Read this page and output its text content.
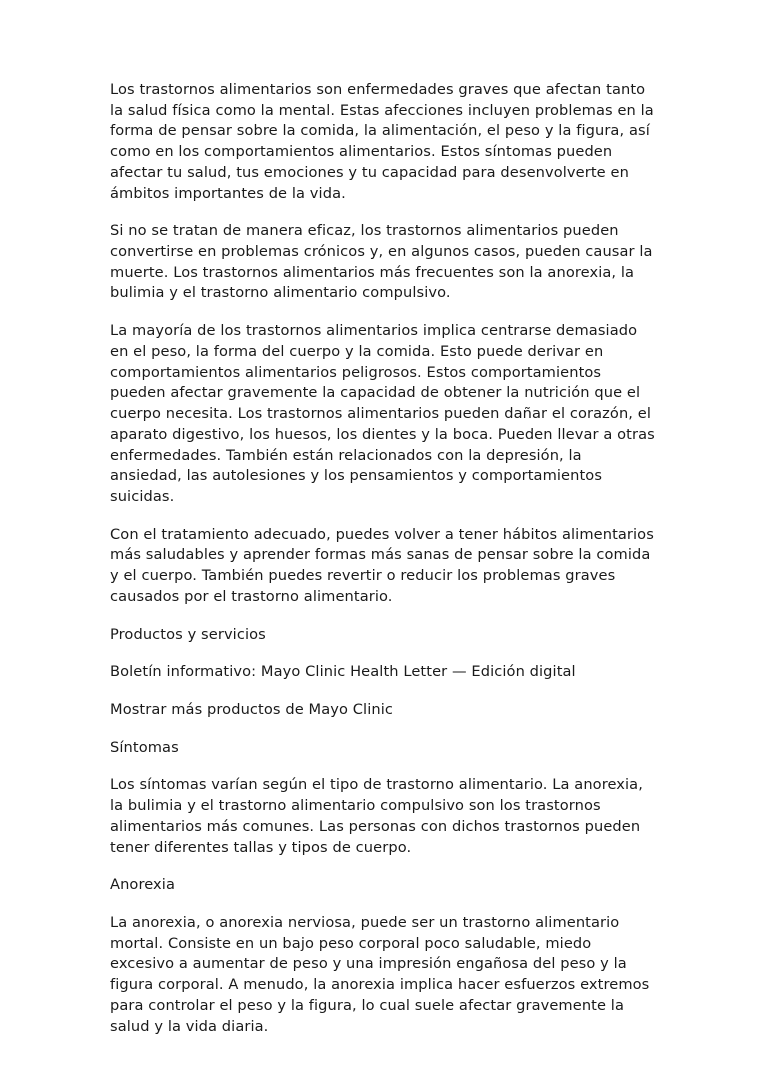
Los trastornos alimentarios son enfermedades graves que afectan tanto la salud física como la mental. Estas afecciones incluyen problemas en la forma de pensar sobre la comida, la alimentación, el peso y la figura, así como en los comportamientos alimentarios. Estos síntomas pueden afectar tu salud, tus emociones y tu capacidad para desenvolverte en ámbitos importantes de la vida.

Si no se tratan de manera eficaz, los trastornos alimentarios pueden convertirse en problemas crónicos y, en algunos casos, pueden causar la muerte. Los trastornos alimentarios más frecuentes son la anorexia, la bulimia y el trastorno alimentario compulsivo.

La mayoría de los trastornos alimentarios implica centrarse demasiado en el peso, la forma del cuerpo y la comida. Esto puede derivar en comportamientos alimentarios peligrosos. Estos comportamientos pueden afectar gravemente la capacidad de obtener la nutrición que el cuerpo necesita. Los trastornos alimentarios pueden dañar el corazón, el aparato digestivo, los huesos, los dientes y la boca. Pueden llevar a otras enfermedades. También están relacionados con la depresión, la ansiedad, las autolesiones y los pensamientos y comportamientos suicidas.

Con el tratamiento adecuado, puedes volver a tener hábitos alimentarios más saludables y aprender formas más sanas de pensar sobre la comida y el cuerpo. También puedes revertir o reducir los problemas graves causados por el trastorno alimentario.

Productos y servicios

Boletín informativo: Mayo Clinic Health Letter — Edición digital

Mostrar más productos de Mayo Clinic

Síntomas

Los síntomas varían según el tipo de trastorno alimentario. La anorexia, la bulimia y el trastorno alimentario compulsivo son los trastornos alimentarios más comunes. Las personas con dichos trastornos pueden tener diferentes tallas y tipos de cuerpo.

Anorexia

La anorexia, o anorexia nerviosa, puede ser un trastorno alimentario mortal. Consiste en un bajo peso corporal poco saludable, miedo excesivo a aumentar de peso y una impresión engañosa del peso y la figura corporal. A menudo, la anorexia implica hacer esfuerzos extremos para controlar el peso y la figura, lo cual suele afectar gravemente la salud y la vida diaria.
